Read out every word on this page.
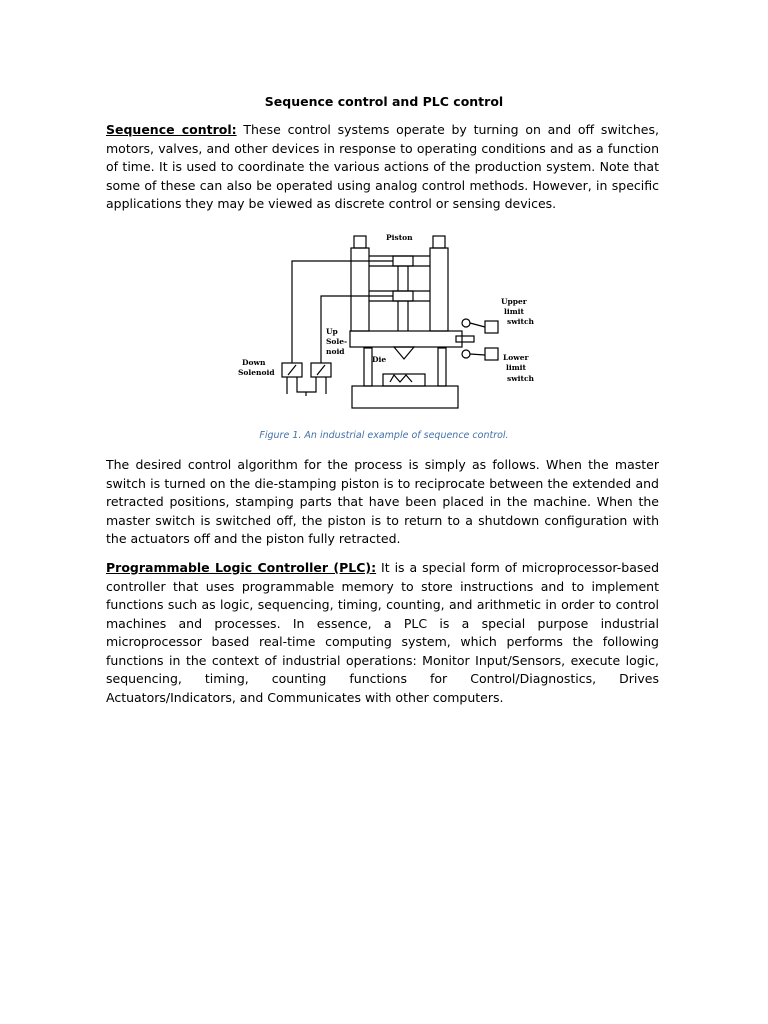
Sequence control and PLC control

Sequence control: These control systems operate by turning on and off switches, motors, valves, and other devices in response to operating conditions and as a function of time. It is used to coordinate the various actions of the production system. Note that some of these can also be operated using analog control methods. However, in specific applications they may be viewed as discrete control or sensing devices.

Piston
Upper
limit
switch
Up
Sole-
noid
Die
Down
Solenoid
Lower
limit
switch
Figure 1. An industrial example of sequence control.

The desired control algorithm for the process is simply as follows. When the master switch is turned on the die-stamping piston is to reciprocate between the extended and retracted positions, stamping parts that have been placed in the machine. When the master switch is switched off, the piston is to return to a shutdown configuration with the actuators off and the piston fully retracted.

Programmable Logic Controller (PLC): It is a special form of microprocessor-based controller that uses programmable memory to store instructions and to implement functions such as logic, sequencing, timing, counting, and arithmetic in order to control machines and processes. In essence, a PLC is a special purpose industrial microprocessor based real-time computing system, which performs the following functions in the context of industrial operations: Monitor Input/Sensors, execute logic, sequencing, timing, counting functions for Control/Diagnostics, Drives Actuators/Indicators, and Communicates with other computers.
